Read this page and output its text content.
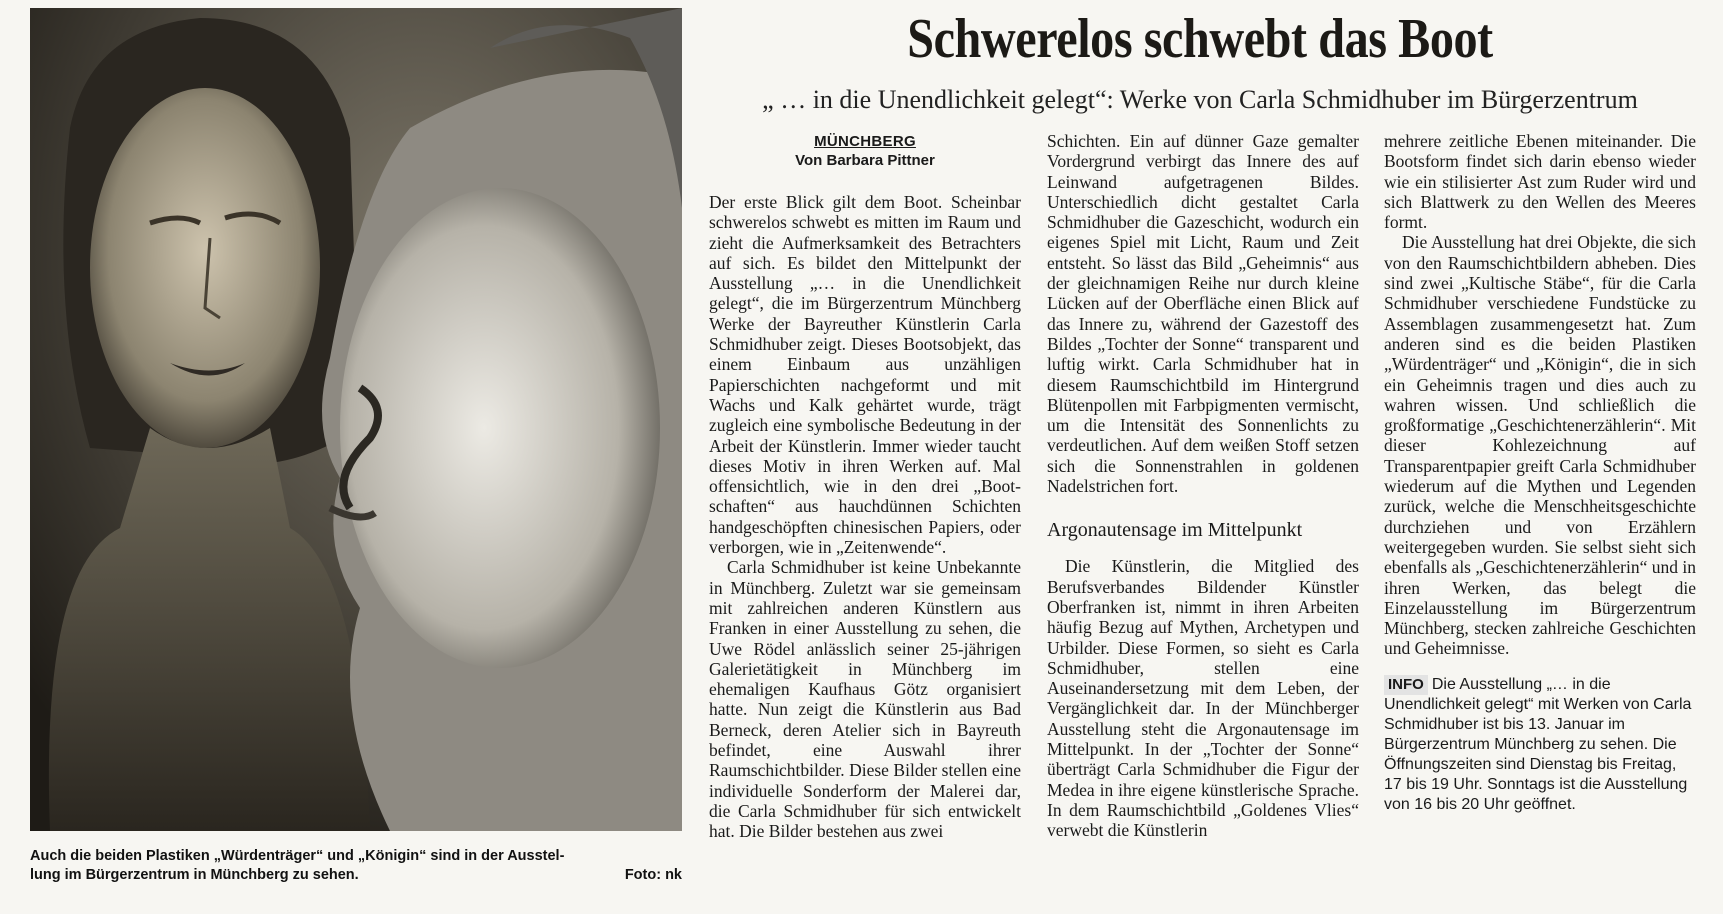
Auch die beiden Plastiken „Würdenträger“ und „Königin“ sind in der Ausstel-
lung im Bürgerzentrum in Münchberg zu sehen.	Foto: nk
Schwerelos schwebt das Boot
„ … in die Unendlichkeit gelegt“: Werke von Carla Schmidhuber im Bürgerzentrum
MÜNCHBERG
Von Barbara Pittner

Der erste Blick gilt dem Boot. Scheinbar schwerelos schwebt es mitten im Raum und zieht die Aufmerksamkeit des Betrachters auf sich. Es bildet den Mittelpunkt der Ausstellung „… in die Unendlichkeit gelegt“, die im Bürgerzentrum Münchberg Werke der Bayreuther Künstlerin Carla Schmidhuber zeigt. Dieses Bootsobjekt, das einem Einbaum aus unzähligen Papierschichten nachgeformt und mit Wachs und Kalk gehärtet wurde, trägt zugleich eine symbolische Bedeutung in der Arbeit der Künstlerin. Immer wieder taucht dieses Motiv in ihren Werken auf. Mal offensichtlich, wie in den drei „Boot-schaften“ aus hauchdünnen Schichten handgeschöpften chinesischen Papiers, oder verborgen, wie in „Zeitenwende“.

Carla Schmidhuber ist keine Unbekannte in Münchberg. Zuletzt war sie gemeinsam mit zahlreichen anderen Künstlern aus Franken in einer Ausstellung zu sehen, die Uwe Rödel anlässlich seiner 25-jährigen Galerietätigkeit in Münchberg im ehemaligen Kaufhaus Götz organisiert hatte. Nun zeigt die Künstlerin aus Bad Berneck, deren Atelier sich in Bayreuth befindet, eine Auswahl ihrer Raumschichtbilder. Diese Bilder stellen eine individuelle Sonderform der Malerei dar, die Carla Schmidhuber für sich entwickelt hat. Die Bilder bestehen aus zwei

Schichten. Ein auf dünner Gaze gemalter Vordergrund verbirgt das Innere des auf Leinwand aufgetragenen Bildes. Unterschiedlich dicht gestaltet Carla Schmidhuber die Gazeschicht, wodurch ein eigenes Spiel mit Licht, Raum und Zeit entsteht. So lässt das Bild „Geheimnis“ aus der gleichnamigen Reihe nur durch kleine Lücken auf der Oberfläche einen Blick auf das Innere zu, während der Gazestoff des Bildes „Tochter der Sonne“ transparent und luftig wirkt. Carla Schmidhuber hat in diesem Raumschichtbild im Hintergrund Blütenpollen mit Farbpigmenten vermischt, um die Intensität des Sonnenlichts zu verdeutlichen. Auf dem weißen Stoff setzen sich die Sonnenstrahlen in goldenen Nadelstrichen fort.

Argonautensage im Mittelpunkt

Die Künstlerin, die Mitglied des Berufsverbandes Bildender Künstler Oberfranken ist, nimmt in ihren Arbeiten häufig Bezug auf Mythen, Archetypen und Urbilder. Diese Formen, so sieht es Carla Schmidhuber, stellen eine Auseinandersetzung mit dem Leben, der Vergänglichkeit dar. In der Münchberger Ausstellung steht die Argonautensage im Mittelpunkt. In der „Tochter der Sonne“ überträgt Carla Schmidhuber die Figur der Medea in ihre eigene künstlerische Sprache. In dem Raumschichtbild „Goldenes Vlies“ verwebt die Künstlerin

mehrere zeitliche Ebenen miteinander. Die Bootsform findet sich darin ebenso wieder wie ein stilisierter Ast zum Ruder wird und sich Blattwerk zu den Wellen des Meeres formt.

Die Ausstellung hat drei Objekte, die sich von den Raumschichtbildern abheben. Dies sind zwei „Kultische Stäbe“, für die Carla Schmidhuber verschiedene Fundstücke zu Assemblagen zusammengesetzt hat. Zum anderen sind es die beiden Plastiken „Würdenträger“ und „Königin“, die in sich ein Geheimnis tragen und dies auch zu wahren wissen. Und schließlich die großformatige „Geschichtenerzählerin“. Mit dieser Kohlezeichnung auf Transparentpapier greift Carla Schmidhuber wiederum auf die Mythen und Legenden zurück, welche die Menschheitsgeschichte durchziehen und von Erzählern weitergegeben wurden. Sie selbst sieht sich ebenfalls als „Geschichtenerzählerin“ und in ihren Werken, das belegt die Einzelausstellung im Bürgerzentrum Münchberg, stecken zahlreiche Geschichten und Geheimnisse.

INFO Die Ausstellung „… in die Unendlichkeit gelegt“ mit Werken von Carla Schmidhuber ist bis 13. Januar im Bürgerzentrum Münchberg zu sehen. Die Öffnungszeiten sind Dienstag bis Freitag, 17 bis 19 Uhr. Sonntags ist die Ausstellung von 16 bis 20 Uhr geöffnet.
